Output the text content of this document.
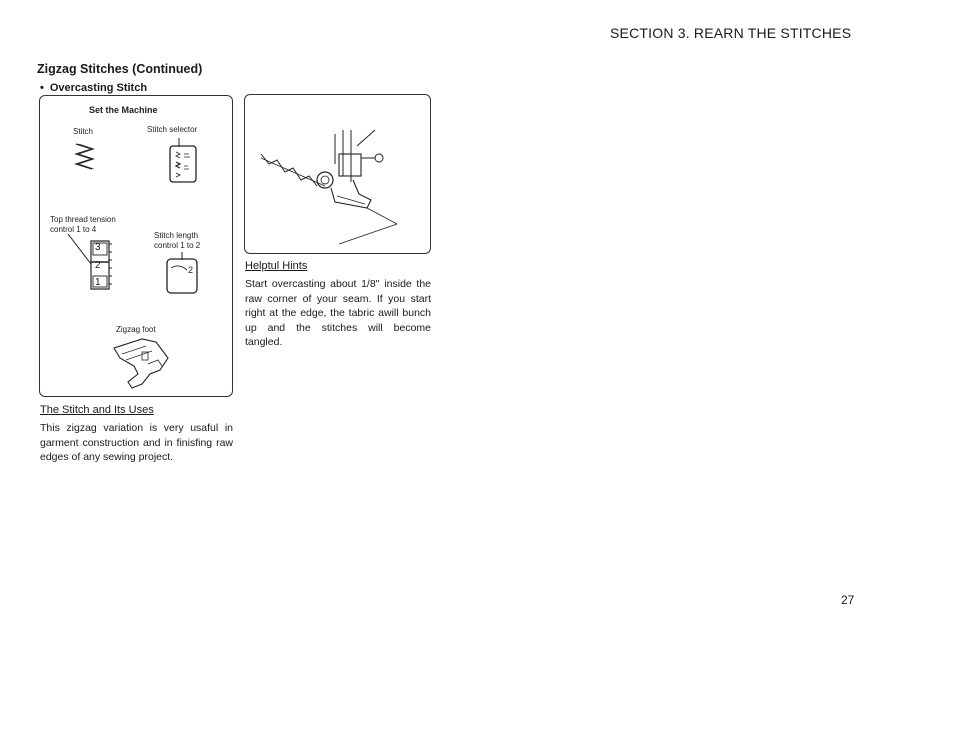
SECTION 3. REARN THE STITCHES
Zigzag Stitches (Continued)
• Overcasting Stitch
Set the Machine
Stitch	Stitch selector
Top thread tension
control 1 to 4
Stitch length
control 1 to 2
3
2
1
2
Zigzag foot
Helptul Hints
Start overcasting about 1/8'' inside the raw corner of your seam. If you start right at the edge, the tabric awill bunch up and the stitches will become tangled.
The Stitch and Its Uses
This zigzag variation is very usaful in garment construction and in finisfing raw edges of any sewing project.
27
